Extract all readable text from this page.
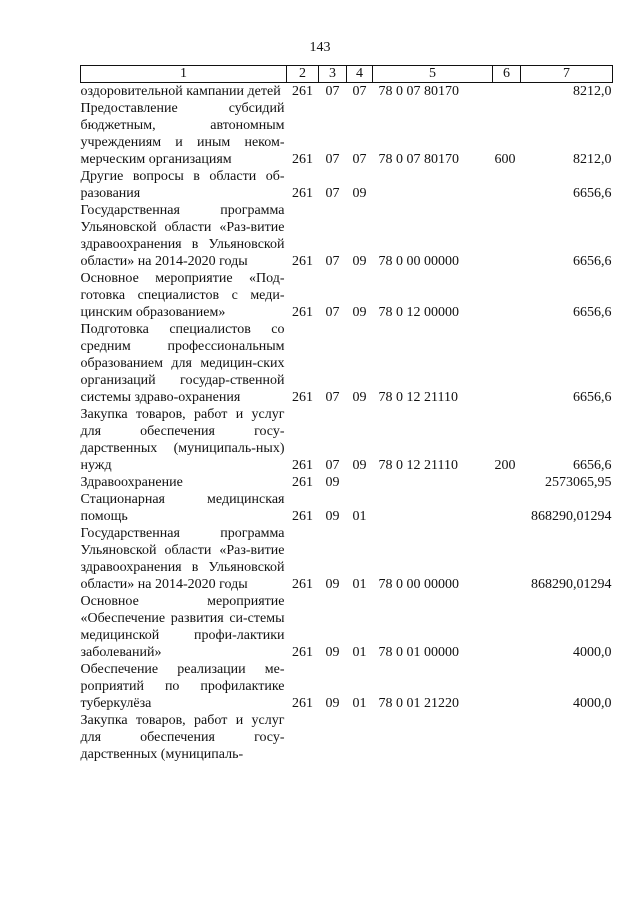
143
1	2	3	4	5	6	7
оздоровительной кампании детей	261	07	07	78 0 07 80170		8212,0
Предоставление субсидий бюджетным, автономным учреждениям и иным неком-мерческим организациям	261	07	07	78 0 07 80170	600	8212,0
Другие вопросы в области об-разования	261	07	09			6656,6
Государственная программа Ульяновской области «Раз-витие здравоохранения в Ульяновской области» на 2014-2020 годы	261	07	09	78 0 00 00000		6656,6
Основное мероприятие «Под-готовка специалистов с меди-цинским образованием»	261	07	09	78 0 12 00000		6656,6
Подготовка специалистов со средним профессиональным образованием для медицин-ских организаций государ-ственной системы здраво-охранения	261	07	09	78 0 12 21110		6656,6
Закупка товаров, работ и услуг для обеспечения госу-дарственных (муниципаль-ных) нужд	261	07	09	78 0 12 21110	200	6656,6
Здравоохранение	261	09				2573065,95
Стационарная медицинская помощь	261	09	01			868290,01294
Государственная программа Ульяновской области «Раз-витие здравоохранения в Ульяновской области» на 2014-2020 годы	261	09	01	78 0 00 00000		868290,01294
Основное мероприятие «Обеспечение развития си-стемы медицинской профи-лактики заболеваний»	261	09	01	78 0 01 00000		4000,0
Обеспечение реализации ме-роприятий по профилактике туберкулёза	261	09	01	78 0 01 21220		4000,0
Закупка товаров, работ и услуг для обеспечения госу-дарственных (муниципаль-						
